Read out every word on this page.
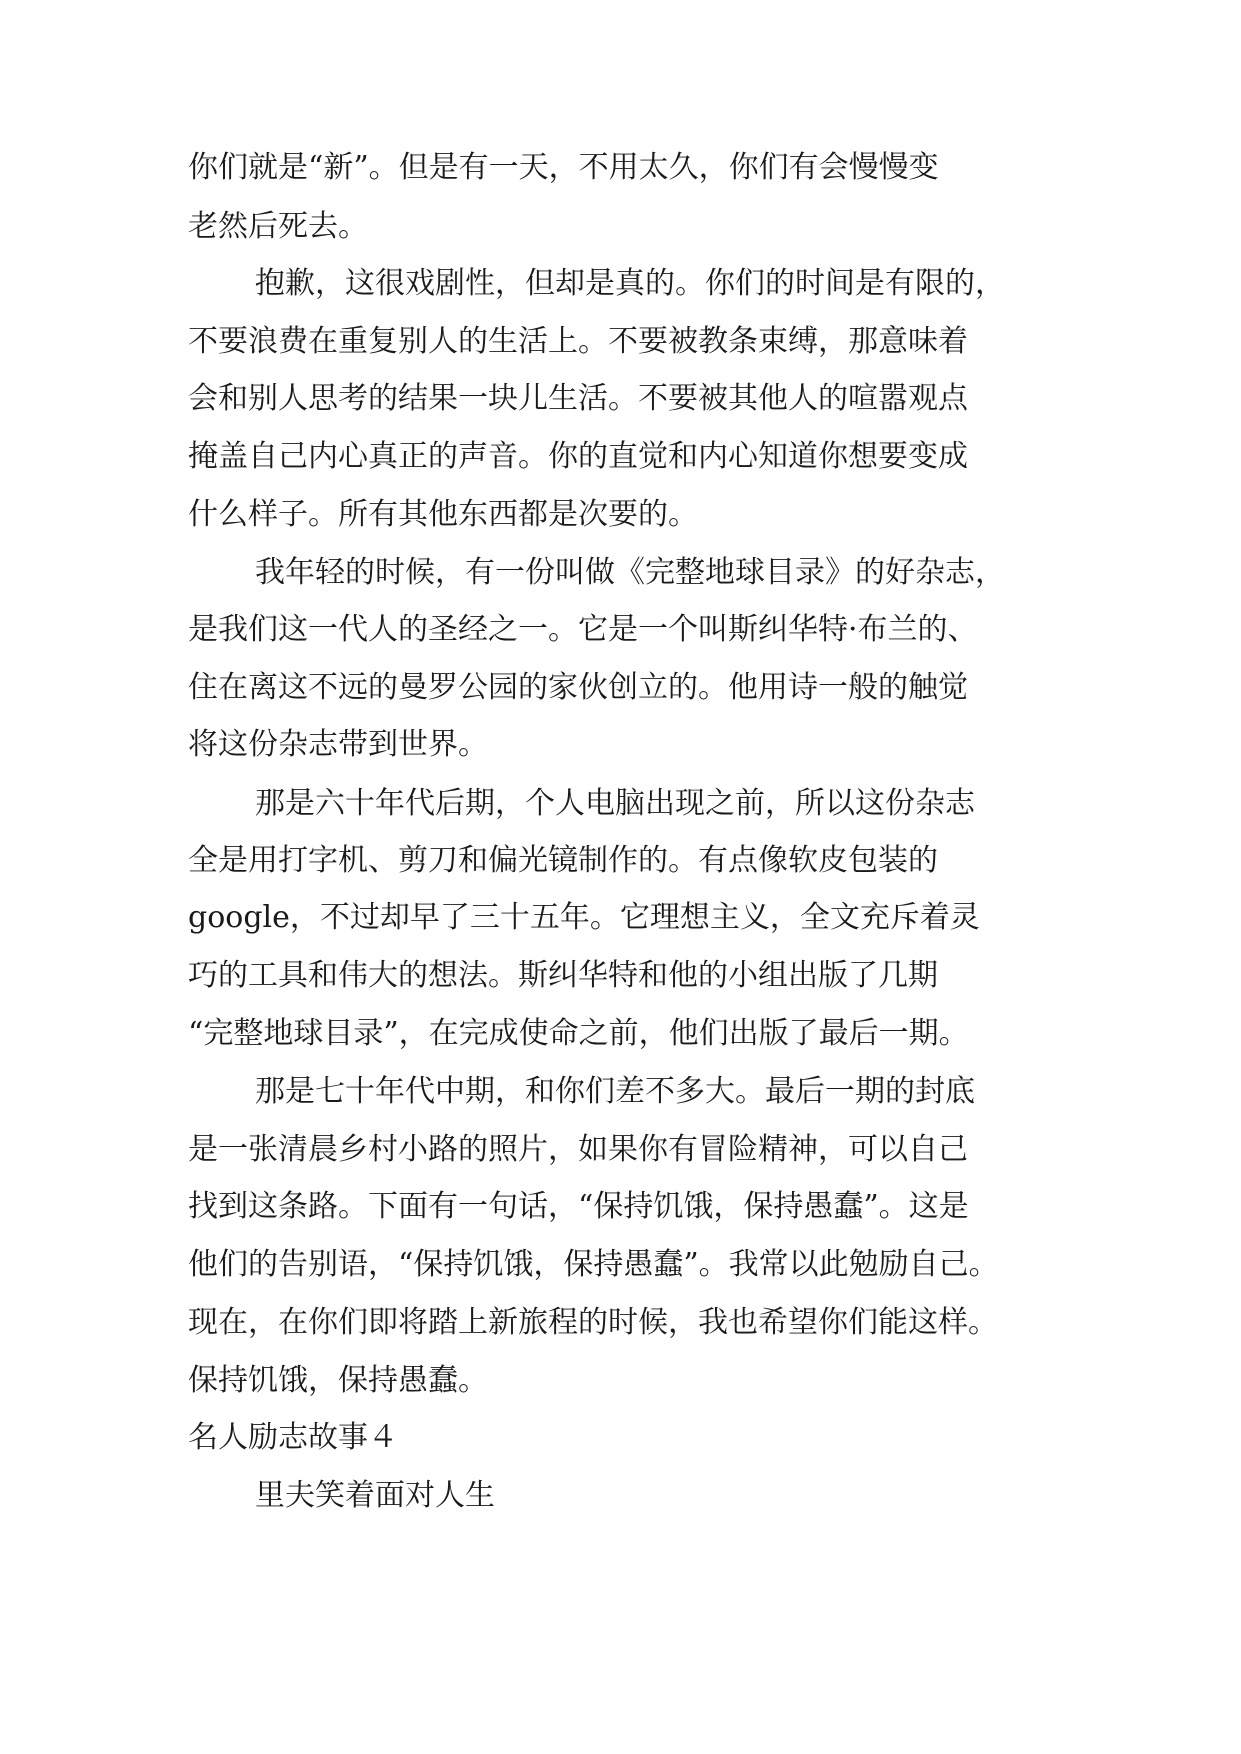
你们就是“新”。但是有一天，不用太久，你们有会慢慢变

老然后死去。

抱歉，这很戏剧性，但却是真的。你们的时间是有限的，

不要浪费在重复别人的生活上。不要被教条束缚，那意味着

会和别人思考的结果一块儿生活。不要被其他人的喧嚣观点

掩盖自己内心真正的声音。你的直觉和内心知道你想要变成

什么样子。所有其他东西都是次要的。

我年轻的时候，有一份叫做《完整地球目录》的好杂志，

是我们这一代人的圣经之一。它是一个叫斯纠华特·布兰的、

住在离这不远的曼罗公园的家伙创立的。他用诗一般的触觉

将这份杂志带到世界。

那是六十年代后期，个人电脑出现之前，所以这份杂志

全是用打字机、剪刀和偏光镜制作的。有点像软皮包装的

google，不过却早了三十五年。它理想主义，全文充斥着灵

巧的工具和伟大的想法。斯纠华特和他的小组出版了几期

“完整地球目录”，在完成使命之前，他们出版了最后一期。

那是七十年代中期，和你们差不多大。最后一期的封底

是一张清晨乡村小路的照片，如果你有冒险精神，可以自己

找到这条路。下面有一句话，“保持饥饿，保持愚蠢”。这是

他们的告别语，“保持饥饿，保持愚蠢”。我常以此勉励自己。

现在，在你们即将踏上新旅程的时候，我也希望你们能这样。

保持饥饿，保持愚蠢。

名人励志故事４

里夫笑着面对人生
